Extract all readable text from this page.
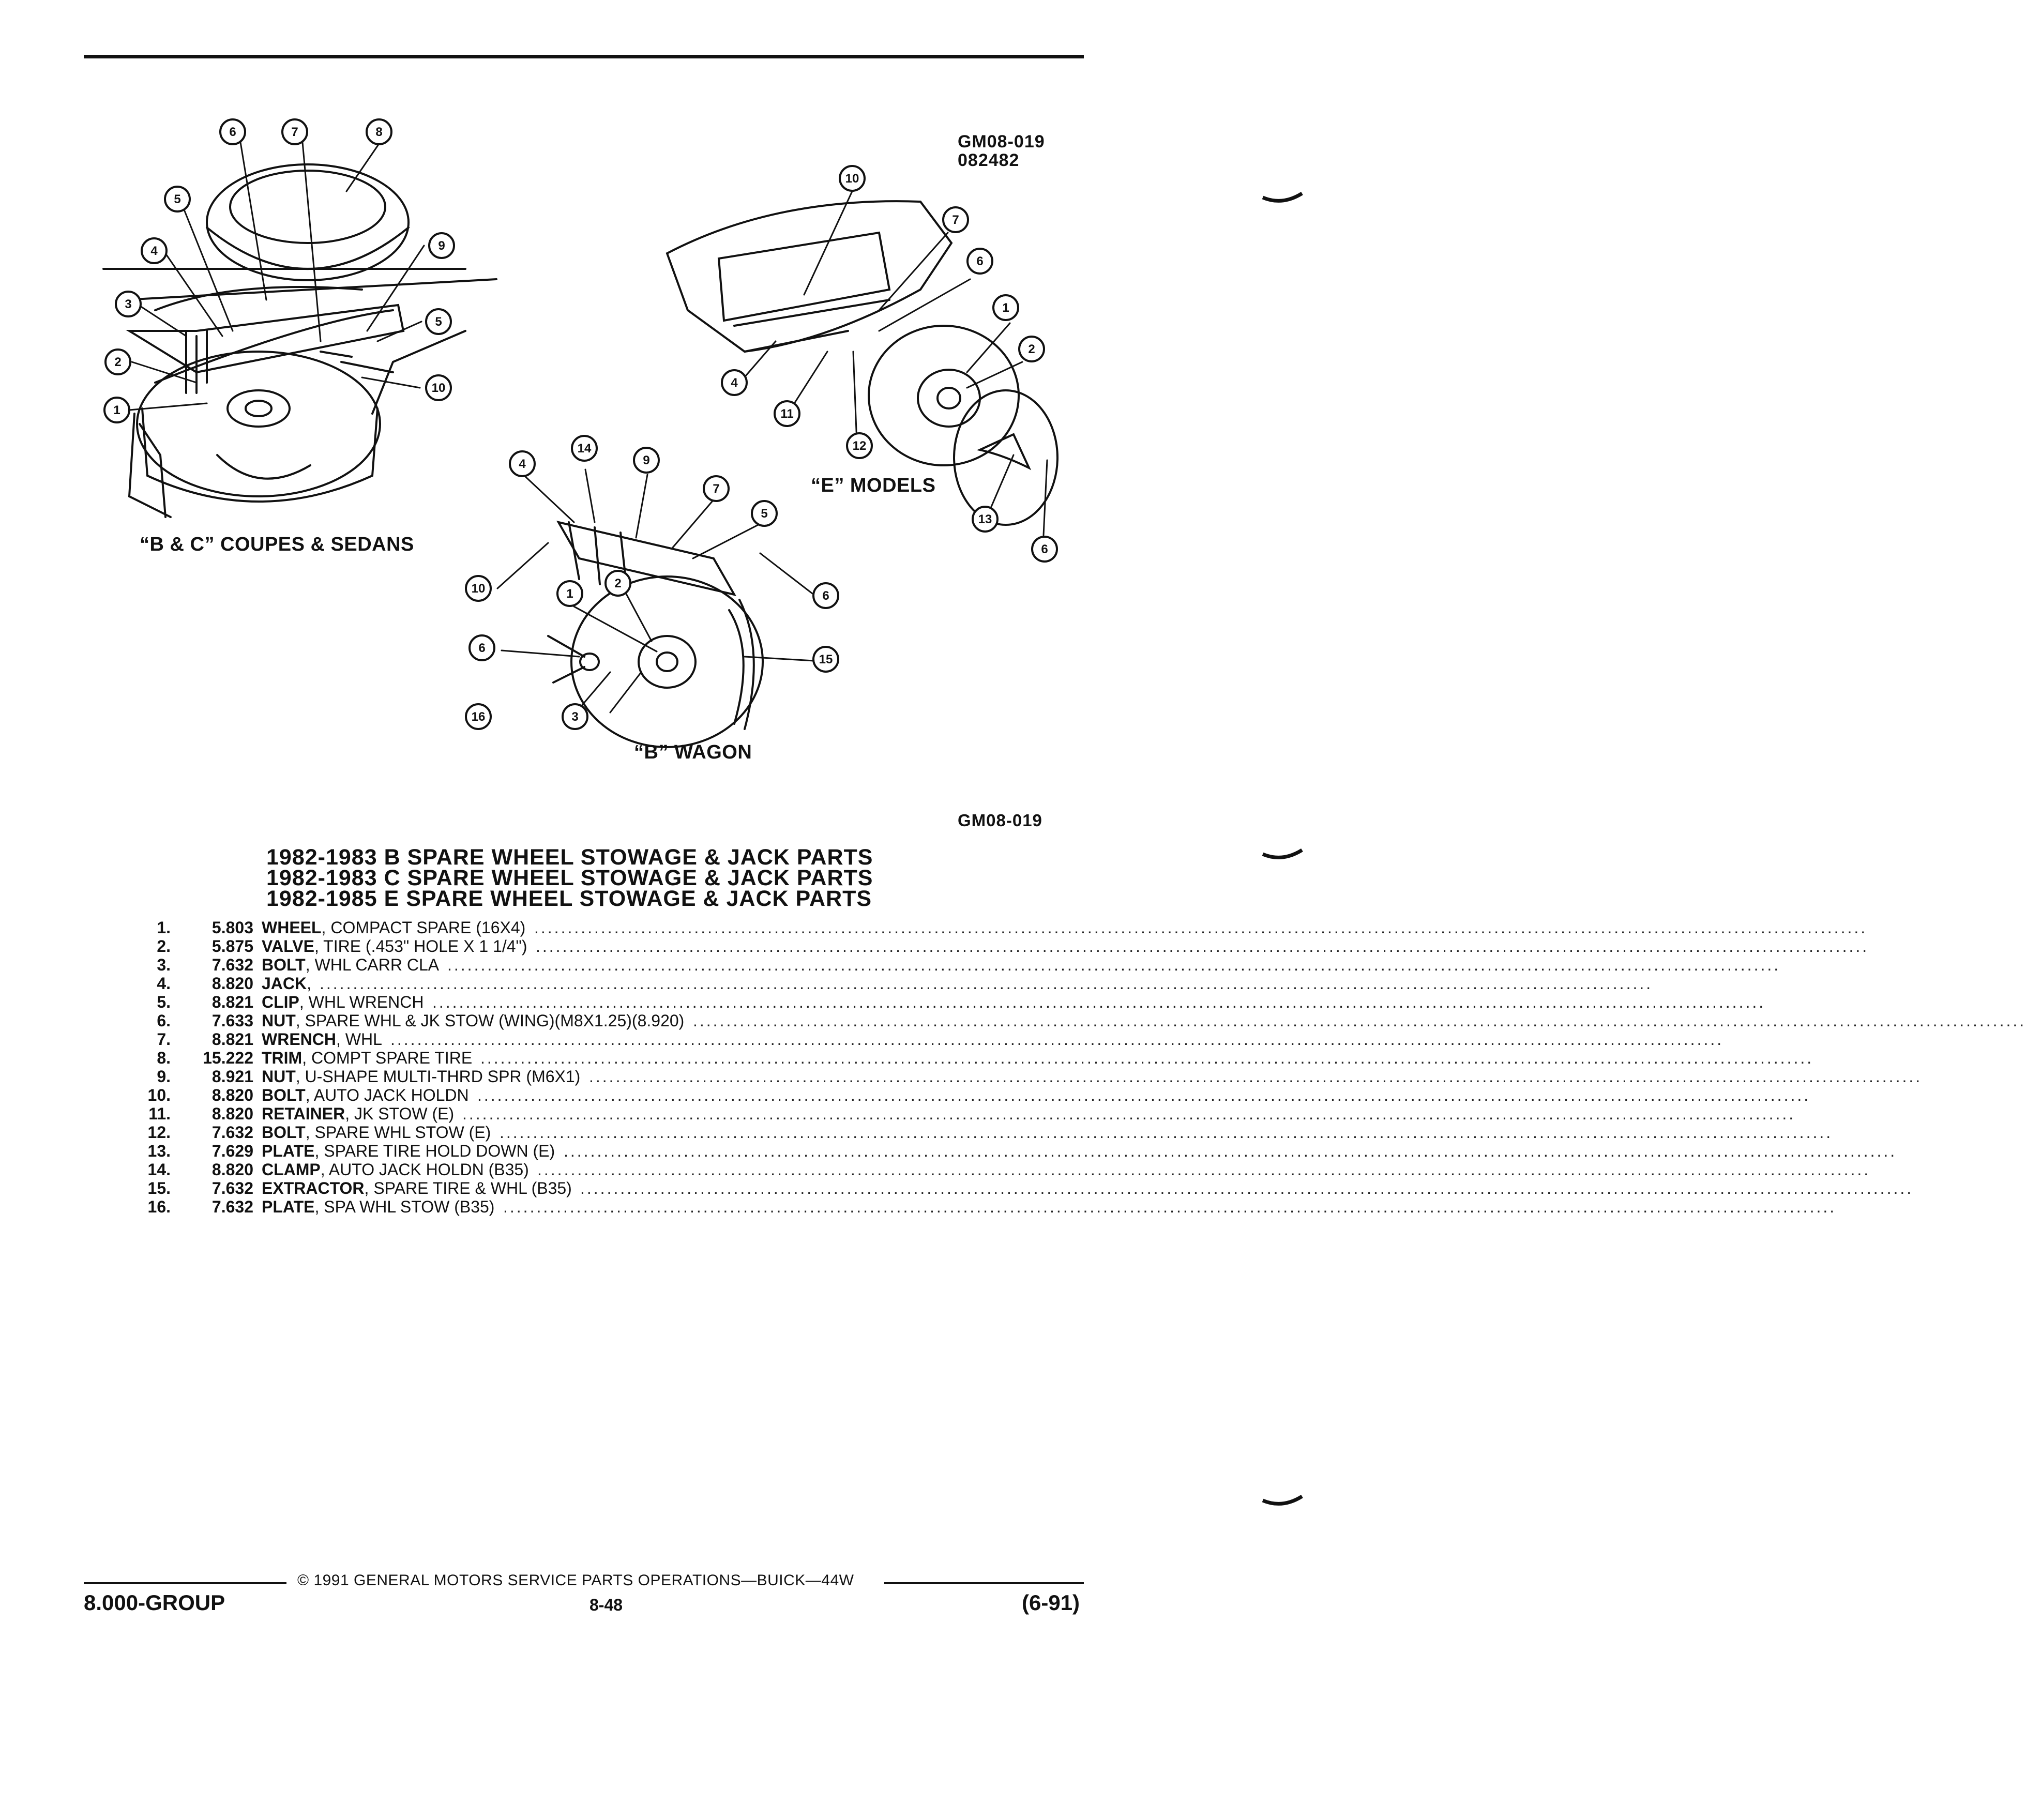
GM08-019
082482
6	7	8
5
4
3
2
1
9
5
10
10
7
6
1
2
4
11
12
13
6
4
14
9
7
5
6
10	1
2
6
15
16	3
“B & C” COUPES & SEDANS
“E” MODELS
“B” WAGON
GM08-019
1982-1983 B SPARE WHEEL STOWAGE & JACK PARTS
1982-1983 C SPARE WHEEL STOWAGE & JACK PARTS
1982-1985 E SPARE WHEEL STOWAGE & JACK PARTS
1.	5.803 WHEEL, COMPACT SPARE (16X4) ........................................................................................................................................................................................................
2.	5.875 VALVE, TIRE (.453" HOLE X 1 1/4") ........................................................................................................................................................................................................
3.	7.632 BOLT, WHL CARR CLA ........................................................................................................................................................................................................
4.	8.820 JACK, ........................................................................................................................................................................................................
5.	8.821 CLIP, WHL WRENCH ........................................................................................................................................................................................................
6.	7.633 NUT, SPARE WHL & JK STOW (WING)(M8X1.25)(8.920) ........................................................................................................................................................................................................
7.	8.821 WRENCH, WHL ........................................................................................................................................................................................................
8.	15.222 TRIM, COMPT SPARE TIRE ........................................................................................................................................................................................................
9.	8.921 NUT, U-SHAPE MULTI-THRD SPR (M6X1) ........................................................................................................................................................................................................
10.	8.820 BOLT, AUTO JACK HOLDN ........................................................................................................................................................................................................
11.	8.820 RETAINER, JK STOW (E) ........................................................................................................................................................................................................
12.	7.632 BOLT, SPARE WHL STOW (E) ........................................................................................................................................................................................................
13.	7.629 PLATE, SPARE TIRE HOLD DOWN (E) ........................................................................................................................................................................................................
14.	8.820 CLAMP, AUTO JACK HOLDN (B35) ........................................................................................................................................................................................................
15.	7.632 EXTRACTOR, SPARE TIRE & WHL (B35) ........................................................................................................................................................................................................
16.	7.632 PLATE, SPA WHL STOW (B35) ........................................................................................................................................................................................................
© 1991 GENERAL MOTORS SERVICE PARTS OPERATIONS—BUICK—44W
8.000-GROUP	8-48	(6-91)
